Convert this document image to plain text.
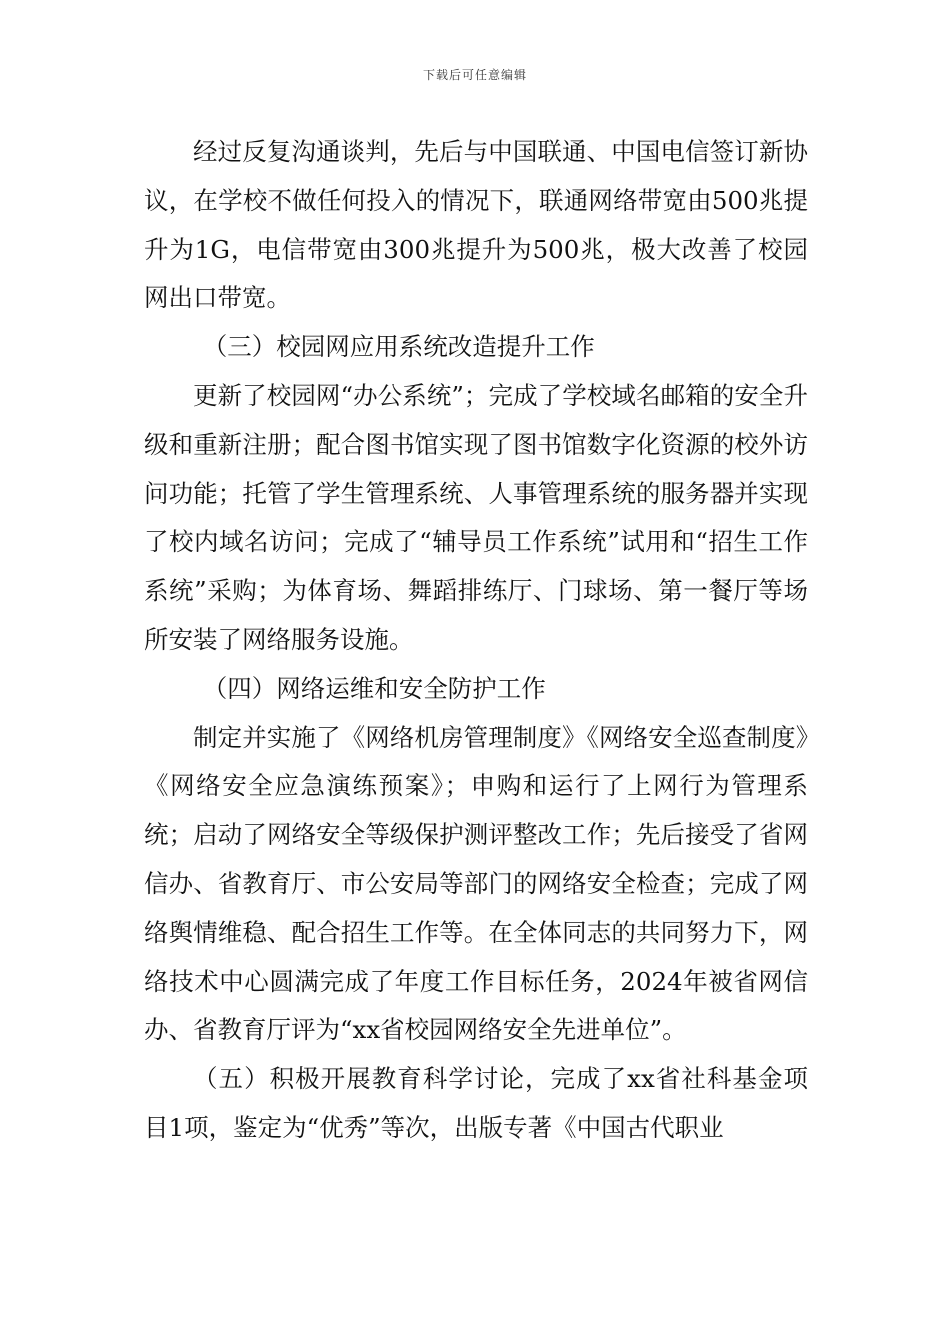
下载后可任意编辑

经过反复沟通谈判，先后与中国联通、中国电信签订新协议，在学校不做任何投入的情况下，联通网络带宽由500兆提升为1G，电信带宽由300兆提升为500兆，极大改善了校园网出口带宽。

（三）校园网应用系统改造提升工作

更新了校园网“办公系统”；完成了学校域名邮箱的安全升级和重新注册；配合图书馆实现了图书馆数字化资源的校外访问功能；托管了学生管理系统、人事管理系统的服务器并实现了校内域名访问；完成了“辅导员工作系统”试用和“招生工作系统”采购；为体育场、舞蹈排练厅、门球场、第一餐厅等场所安装了网络服务设施。

（四）网络运维和安全防护工作

制定并实施了《网络机房管理制度》《网络安全巡查制度》《网络安全应急演练预案》；申购和运行了上网行为管理系统；启动了网络安全等级保护测评整改工作；先后接受了省网信办、省教育厅、市公安局等部门的网络安全检查；完成了网络舆情维稳、配合招生工作等。在全体同志的共同努力下，网络技术中心圆满完成了年度工作目标任务，2024年被省网信办、省教育厅评为“xx省校园网络安全先进单位”。

（五）积极开展教育科学讨论，完成了xx省社科基金项目1项，鉴定为“优秀”等次，出版专著《中国古代职业
